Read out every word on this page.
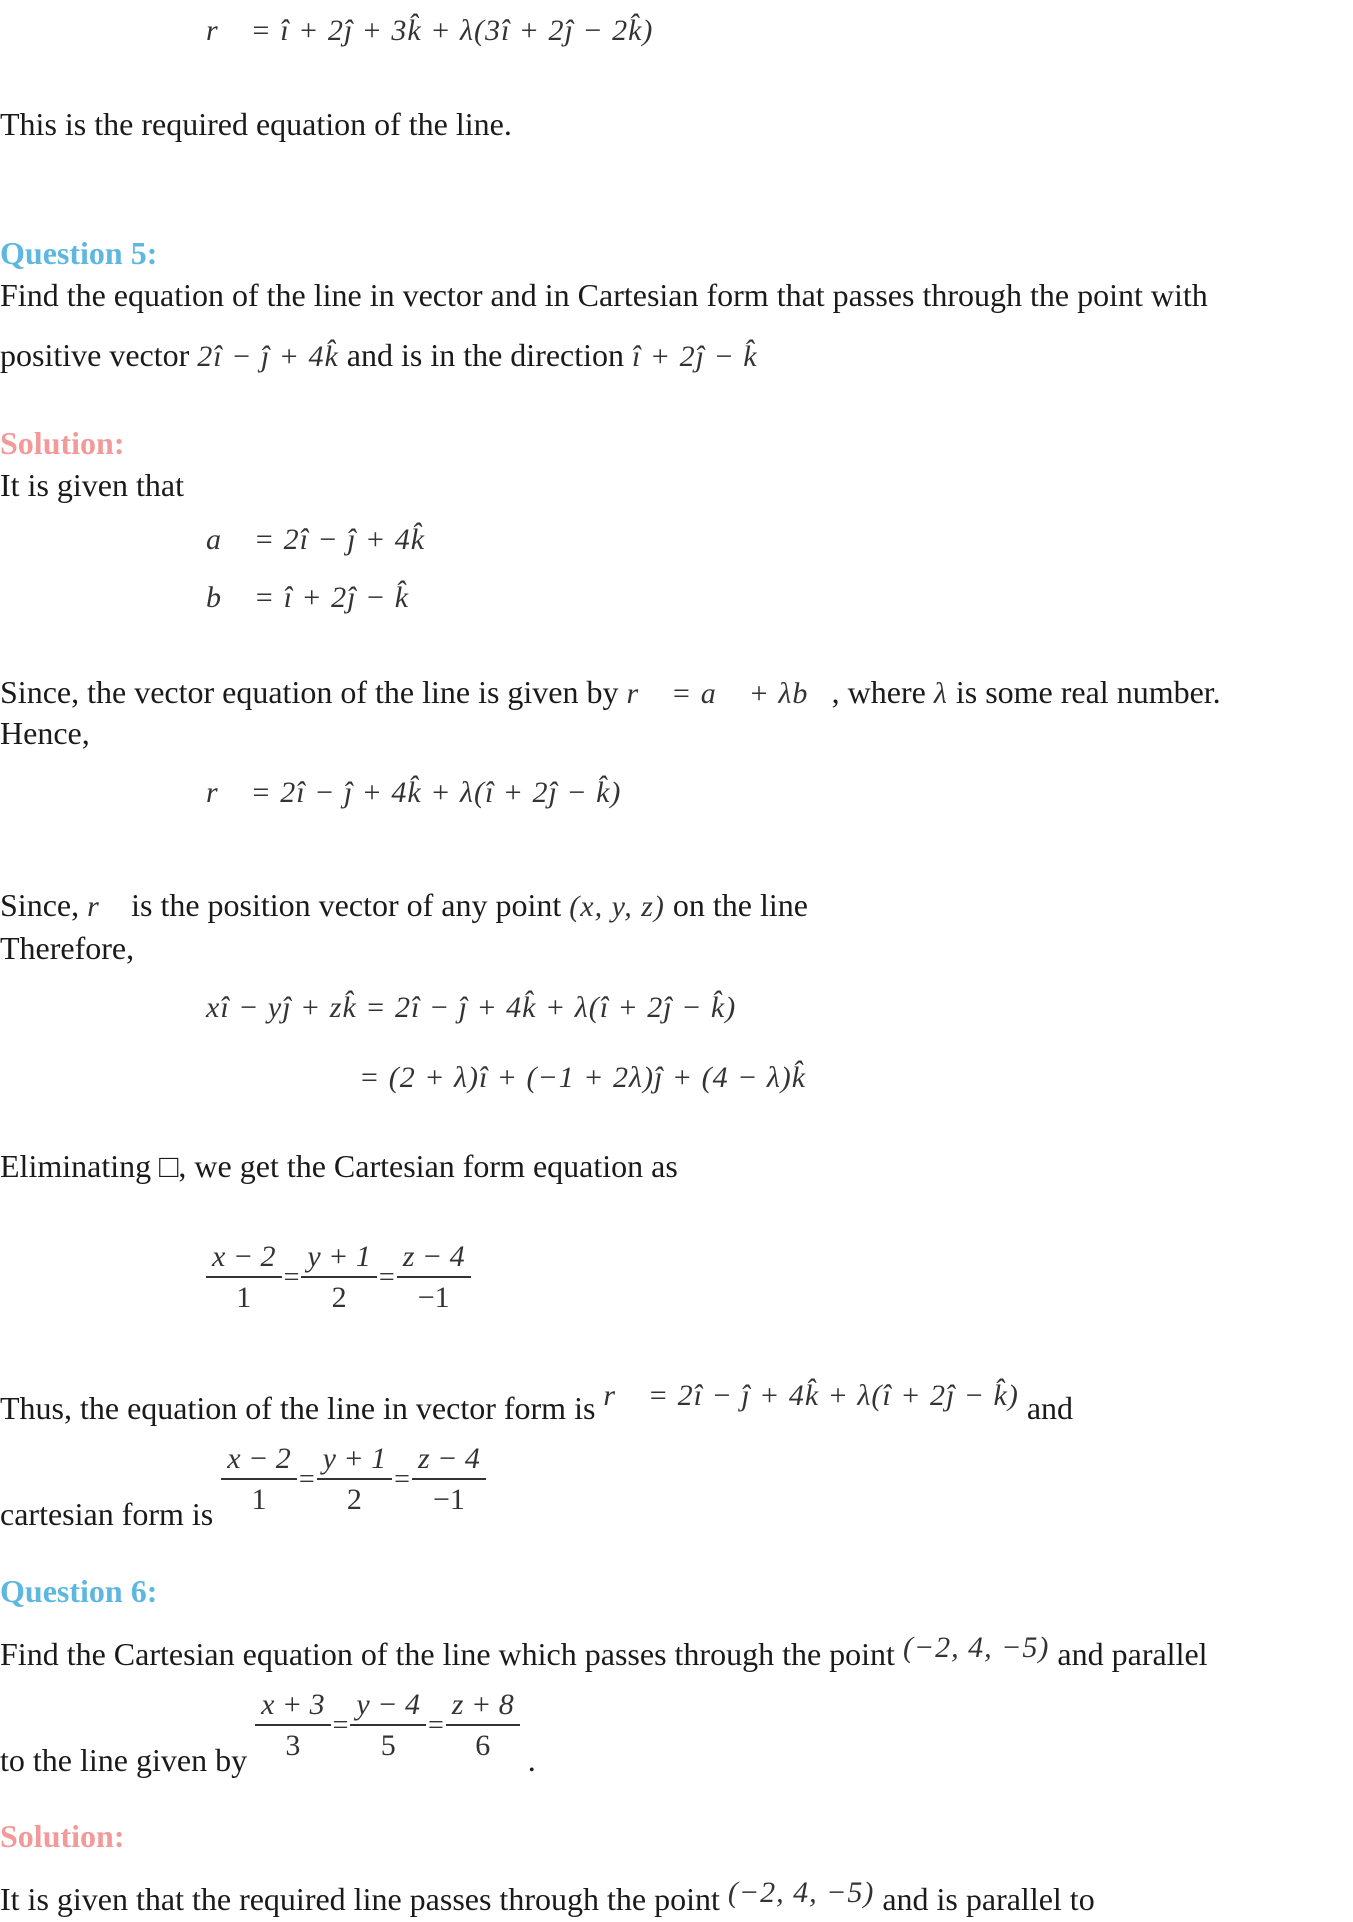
r⃗ = î + 2ĵ + 3k̂ + λ(3î + 2ĵ − 2k̂)
This is the required equation of the line.
Question 5:
Find the equation of the line in vector and in Cartesian form that passes through the point with
positive vector 2î − ĵ + 4k̂ and is in the direction î + 2ĵ − k̂
Solution:
It is given that
a⃗ = 2î − ĵ + 4k̂
b⃗ = î + 2ĵ − k̂
Since, the vector equation of the line is given by r⃗ = a⃗ + λb⃗, where λ is some real number.
Hence,
r⃗ = 2î − ĵ + 4k̂ + λ(î + 2ĵ − k̂)
Since, r⃗ is the position vector of any point (x, y, z) on the line
Therefore,
xî − yĵ + zk̂ = 2î − ĵ + 4k̂ + λ(î + 2ĵ − k̂)
= (2 + λ)î + (−1 + 2λ)ĵ + (4 − λ)k̂
Eliminating □, we get the Cartesian form equation as
$\frac{x - 2}{1} = \frac{y + 1}{2} = \frac{z - 4}{-1}$
Thus, the equation of the line in vector form is r⃗ = 2î − ĵ + 4k̂ + λ(î + 2ĵ − k̂) and
cartesian form is $\frac{x - 2}{1} = \frac{y + 1}{2} = \frac{z - 4}{-1}$
Question 6:
Find the Cartesian equation of the line which passes through the point (−2, 4, −5) and parallel
to the line given by $\frac{x + 3}{3} = \frac{y - 4}{5} = \frac{z + 8}{6}$ .
Solution:
It is given that the required line passes through the point (−2, 4, −5) and is parallel to
